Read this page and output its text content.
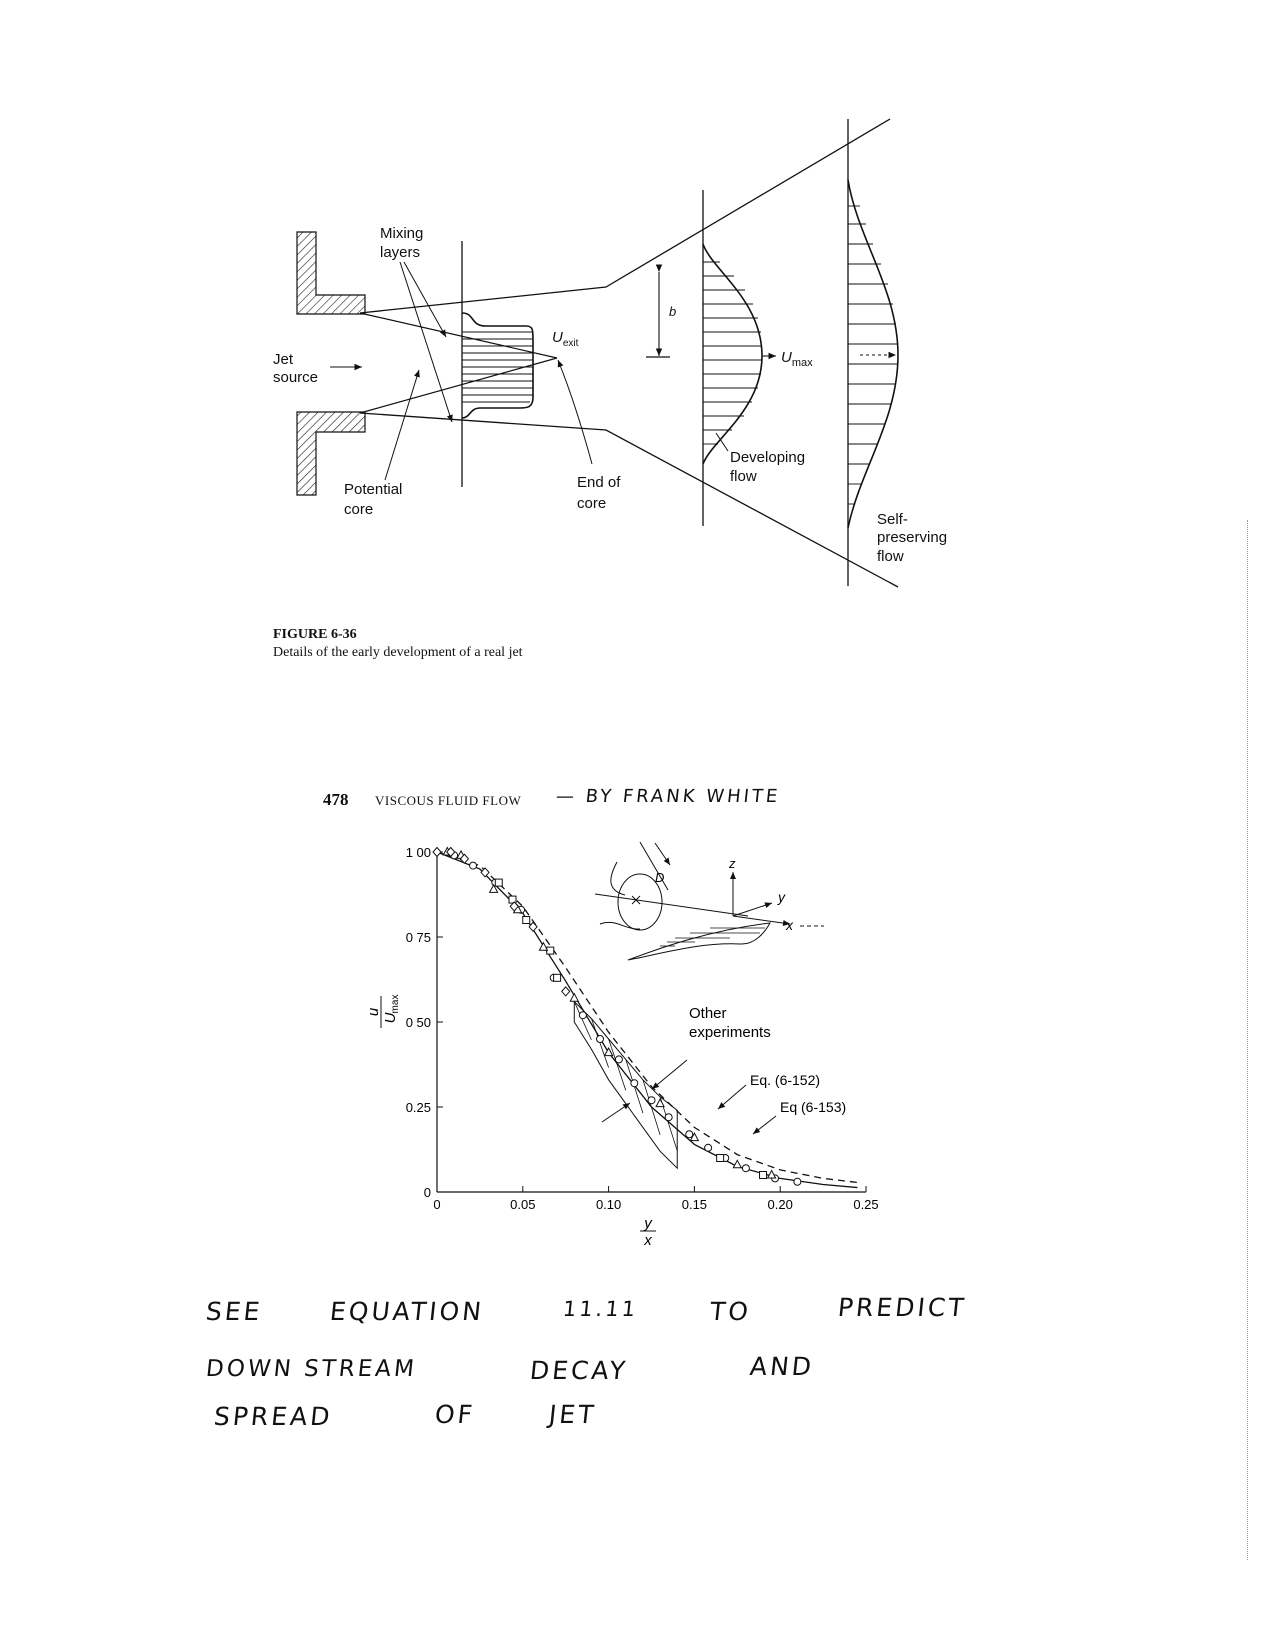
Mixing
layers
Jet
source
$U_{exit}$
b
$U_{max}$
Developing
flow
Potential
core
End of
core
Self-
preserving
flow
FIGURE 6-36
Details of the early development of a real jet
478 VISCOUS FLUID FLOW — BY FRANK WHITE
z
y
x
D
0	0.05	0.10	0.15	0.20	0.25
0
0.25
0 50
0 75
1 00
Other
experiments
Eq. (6-152)
Eq (6-153)
u
U
max
y
x
SEE	EQUATION	11.11	TO	PREDICT
DOWN STREAM	DECAY	AND
SPREAD	OF	JET
